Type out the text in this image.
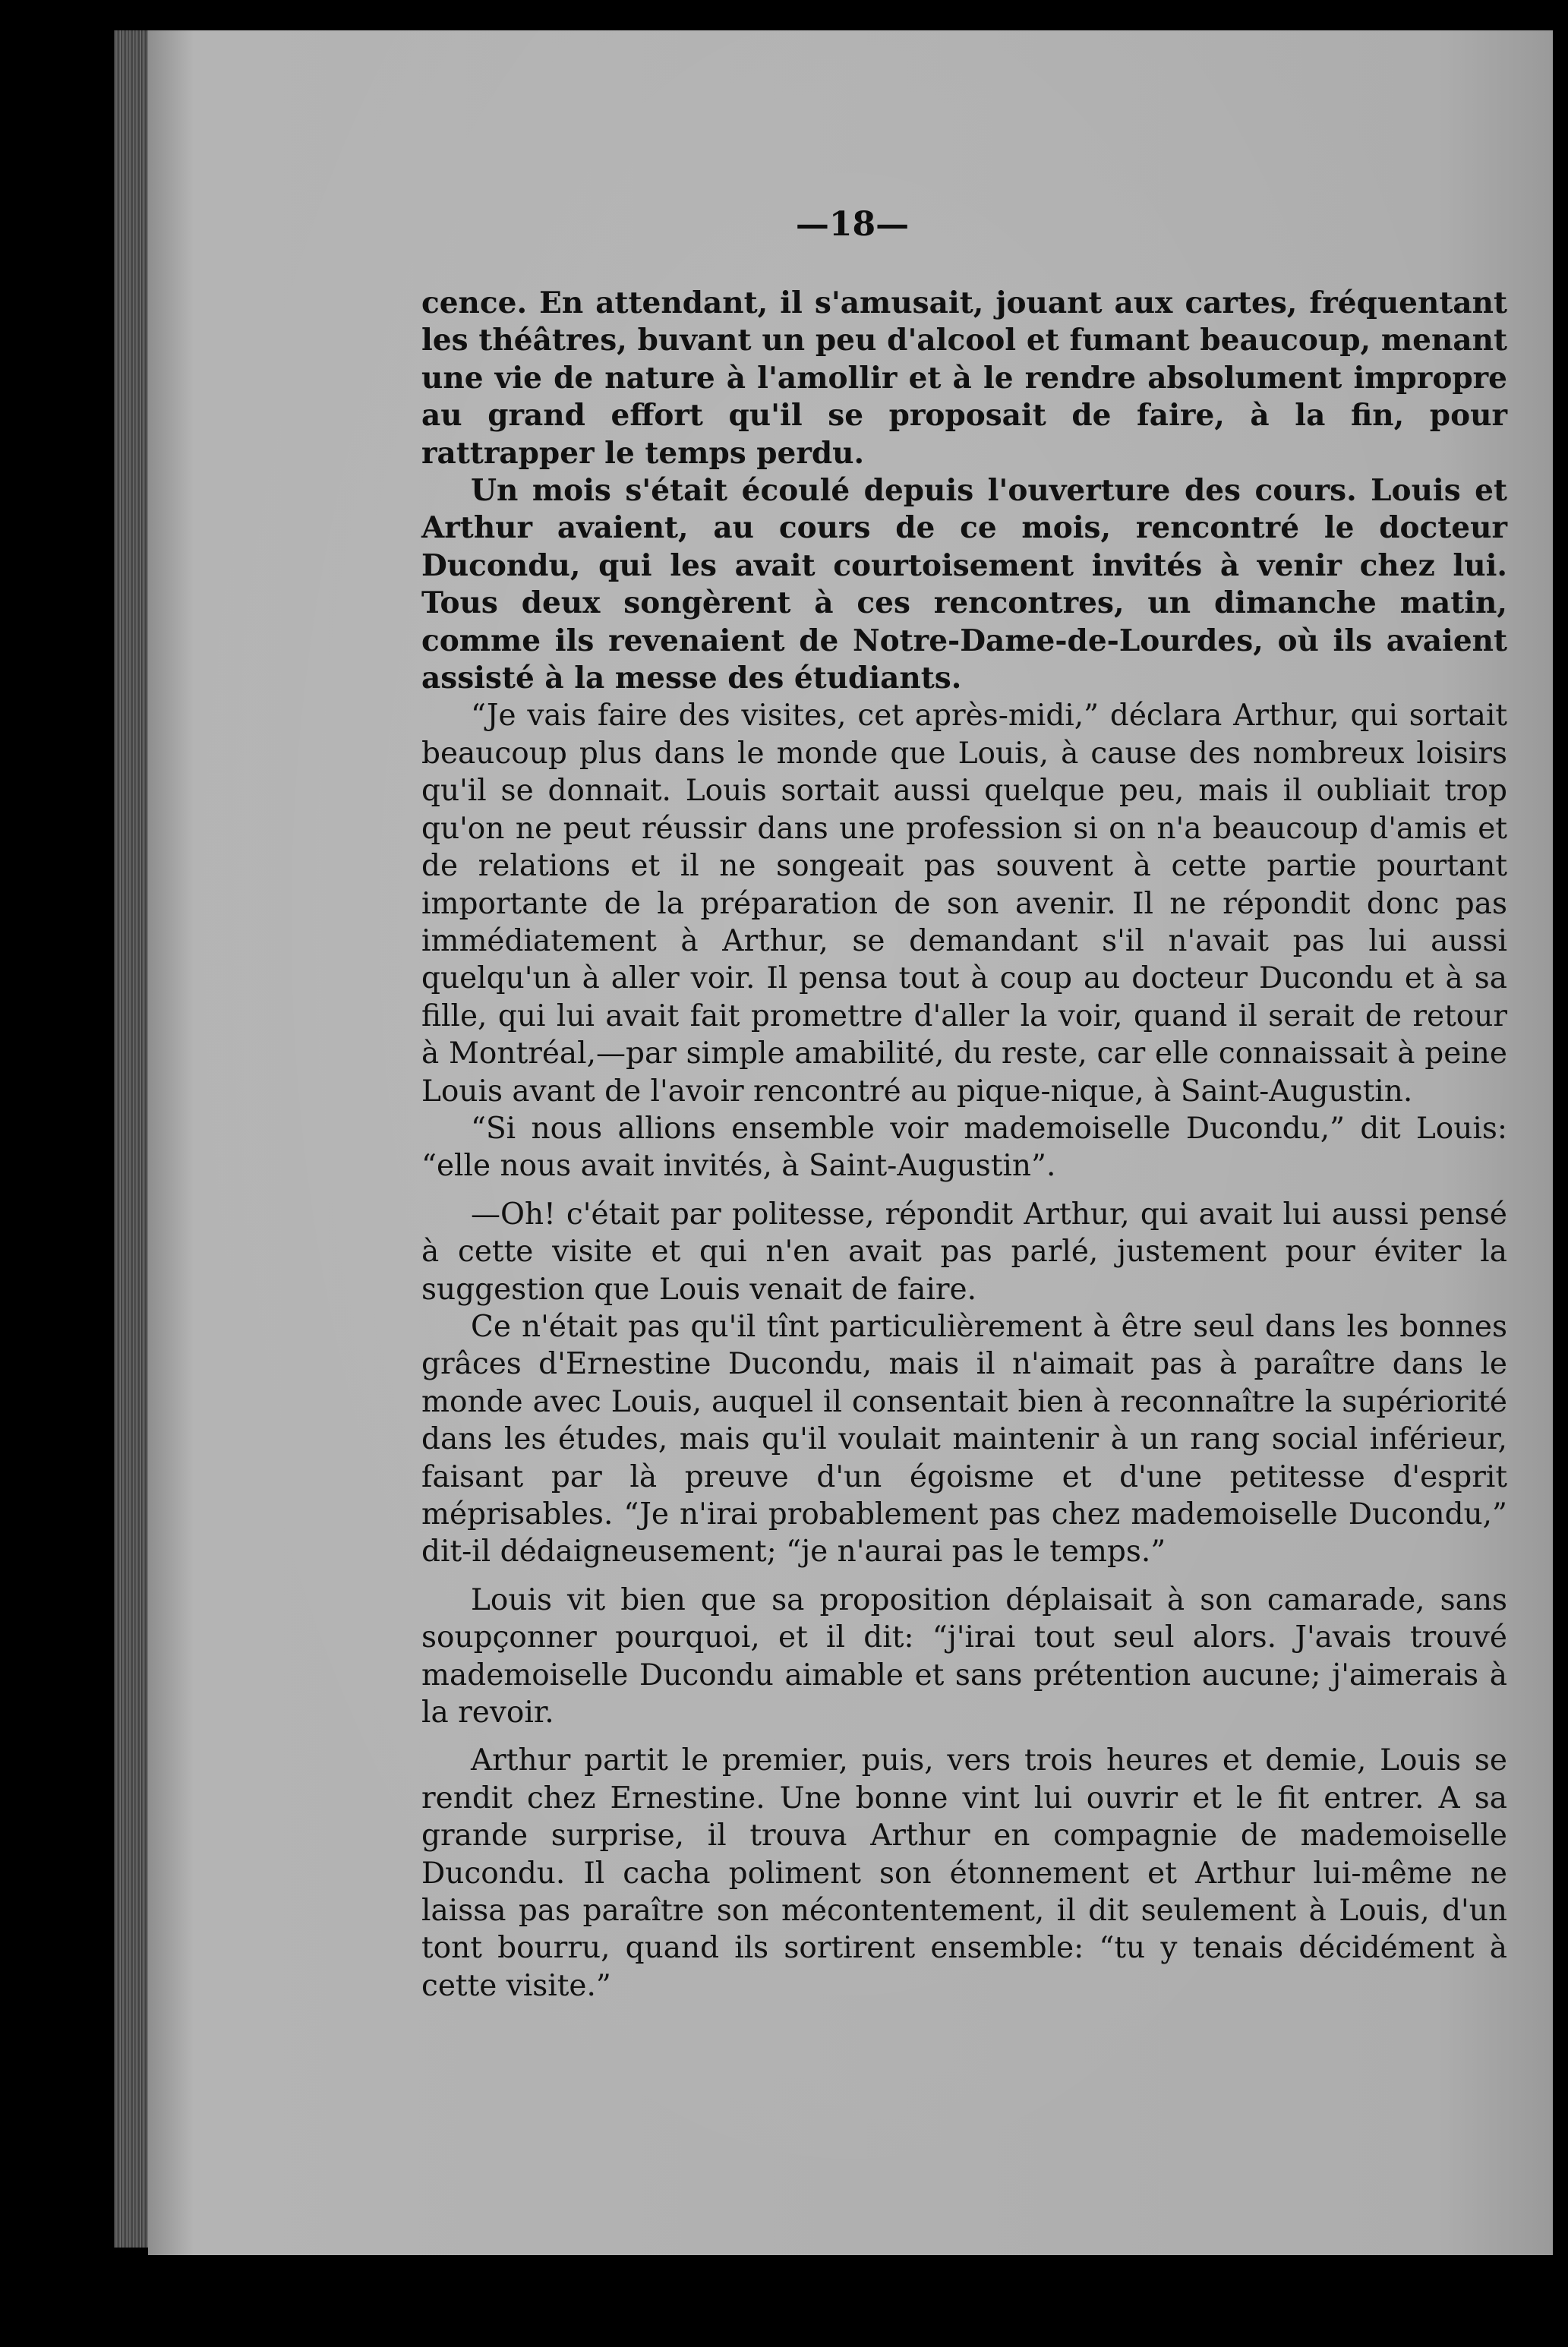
—18—

cence. En attendant, il s'amusait, jouant aux cartes, fréquentant les théâtres, buvant un peu d'alcool et fumant beaucoup, menant une vie de nature à l'amollir et à le rendre absolument impropre au grand effort qu'il se proposait de faire, à la fin, pour rattrapper le temps perdu.

Un mois s'était écoulé depuis l'ouverture des cours. Louis et Arthur avaient, au cours de ce mois, rencontré le docteur Ducondu, qui les avait courtoisement invités à venir chez lui. Tous deux songèrent à ces rencontres, un dimanche matin, comme ils revenaient de Notre-Dame-de-Lourdes, où ils avaient assisté à la messe des étudiants.

“Je vais faire des visites, cet après-midi,” déclara Arthur, qui sortait beaucoup plus dans le monde que Louis, à cause des nombreux loisirs qu'il se donnait. Louis sortait aussi quelque peu, mais il oubliait trop qu'on ne peut réussir dans une profession si on n'a beaucoup d'amis et de relations et il ne songeait pas souvent à cette partie pourtant importante de la préparation de son avenir. Il ne répondit donc pas immédiatement à Arthur, se demandant s'il n'avait pas lui aussi quelqu'un à aller voir. Il pensa tout à coup au docteur Ducondu et à sa fille, qui lui avait fait promettre d'aller la voir, quand il serait de retour à Montréal,—par simple amabilité, du reste, car elle connaissait à peine Louis avant de l'avoir rencontré au pique-nique, à Saint-Augustin.

“Si nous allions ensemble voir mademoiselle Ducondu,” dit Louis: “elle nous avait invités, à Saint-Augustin”.

—Oh! c'était par politesse, répondit Arthur, qui avait lui aussi pensé à cette visite et qui n'en avait pas parlé, justement pour éviter la suggestion que Louis venait de faire.

Ce n'était pas qu'il tînt particulièrement à être seul dans les bonnes grâces d'Ernestine Ducondu, mais il n'aimait pas à paraître dans le monde avec Louis, auquel il consentait bien à reconnaître la supériorité dans les études, mais qu'il voulait maintenir à un rang social inférieur, faisant par là preuve d'un égoisme et d'une petitesse d'esprit méprisables. “Je n'irai probablement pas chez mademoiselle Ducondu,” dit-il dédaigneusement; “je n'aurai pas le temps.”

Louis vit bien que sa proposition déplaisait à son camarade, sans soupçonner pourquoi, et il dit: “j'irai tout seul alors. J'avais trouvé mademoiselle Ducondu aimable et sans prétention aucune; j'aimerais à la revoir.

Arthur partit le premier, puis, vers trois heures et demie, Louis se rendit chez Ernestine. Une bonne vint lui ouvrir et le fit entrer. A sa grande surprise, il trouva Arthur en compagnie de mademoiselle Ducondu. Il cacha poliment son étonnement et Arthur lui-même ne laissa pas paraître son mécontentement, il dit seulement à Louis, d'un tont bourru, quand ils sortirent ensemble: “tu y tenais décidément à cette visite.”
